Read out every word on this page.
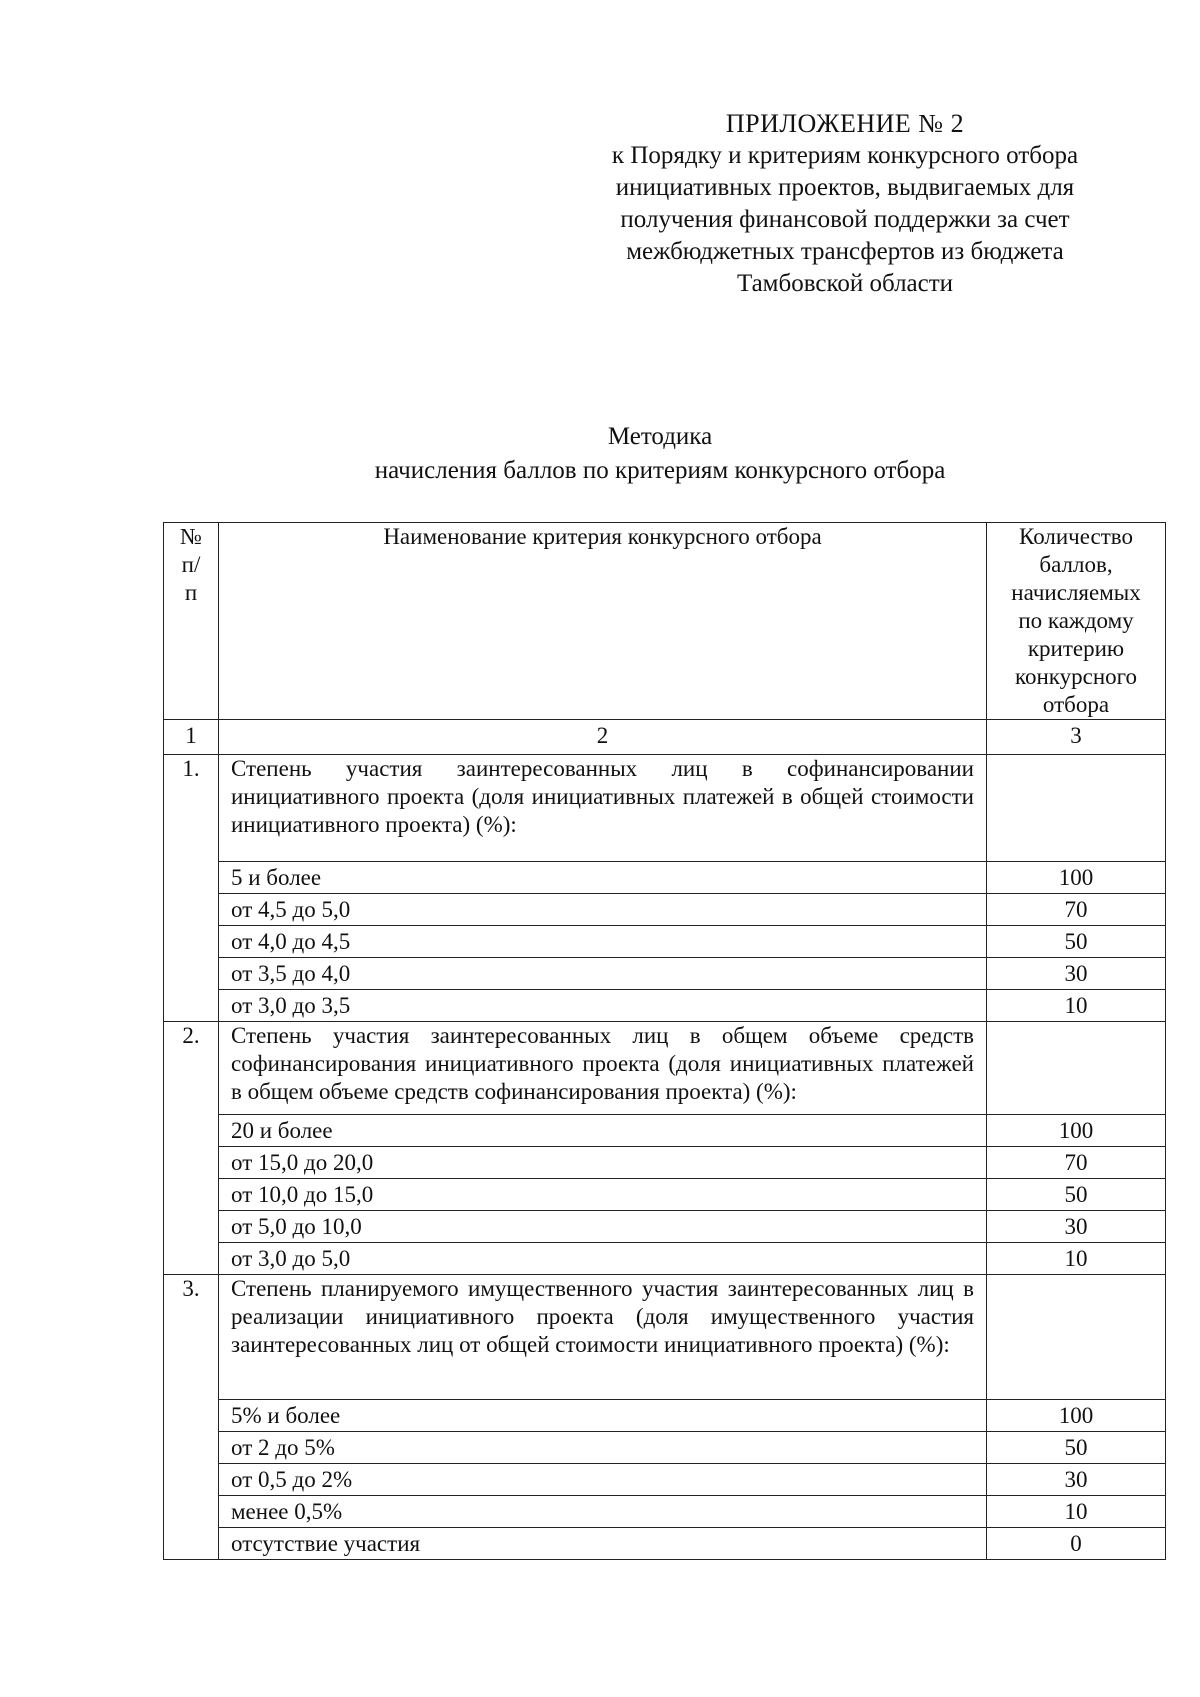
ПРИЛОЖЕНИЕ № 2
к Порядку и критериям конкурсного отбора
инициативных проектов, выдвигаемых для
получения финансовой поддержки за счет
межбюджетных трансфертов из бюджета
Тамбовской области
Методика
начисления баллов по критериям конкурсного отбора
№ п/п	Наименование критерия конкурсного отбора	Количество баллов, начисляемых по каждому критерию конкурсного отбора
1	2	3
1.	Степень участия заинтересованных лиц в софинансировании инициативного проекта (доля инициативных платежей в общей стоимости инициативного проекта) (%):	
	5 и более	100
	от 4,5 до 5,0	70
	от 4,0 до 4,5	50
	от 3,5 до 4,0	30
	от 3,0 до 3,5	10
2.	Степень участия заинтересованных лиц в общем объеме средств софинансирования инициативного проекта (доля инициативных платежей в общем объеме средств софинансирования проекта) (%):	
	20 и более	100
	от 15,0 до 20,0	70
	от 10,0 до 15,0	50
	от 5,0 до 10,0	30
	от 3,0 до 5,0	10
3.	Степень планируемого имущественного участия заинтересованных лиц в реализации инициативного проекта (доля имущественного участия заинтересованных лиц от общей стоимости инициативного проекта) (%):	
	5% и более	100
	от 2 до 5%	50
	от 0,5 до 2%	30
	менее 0,5%	10
	отсутствие участия	0
